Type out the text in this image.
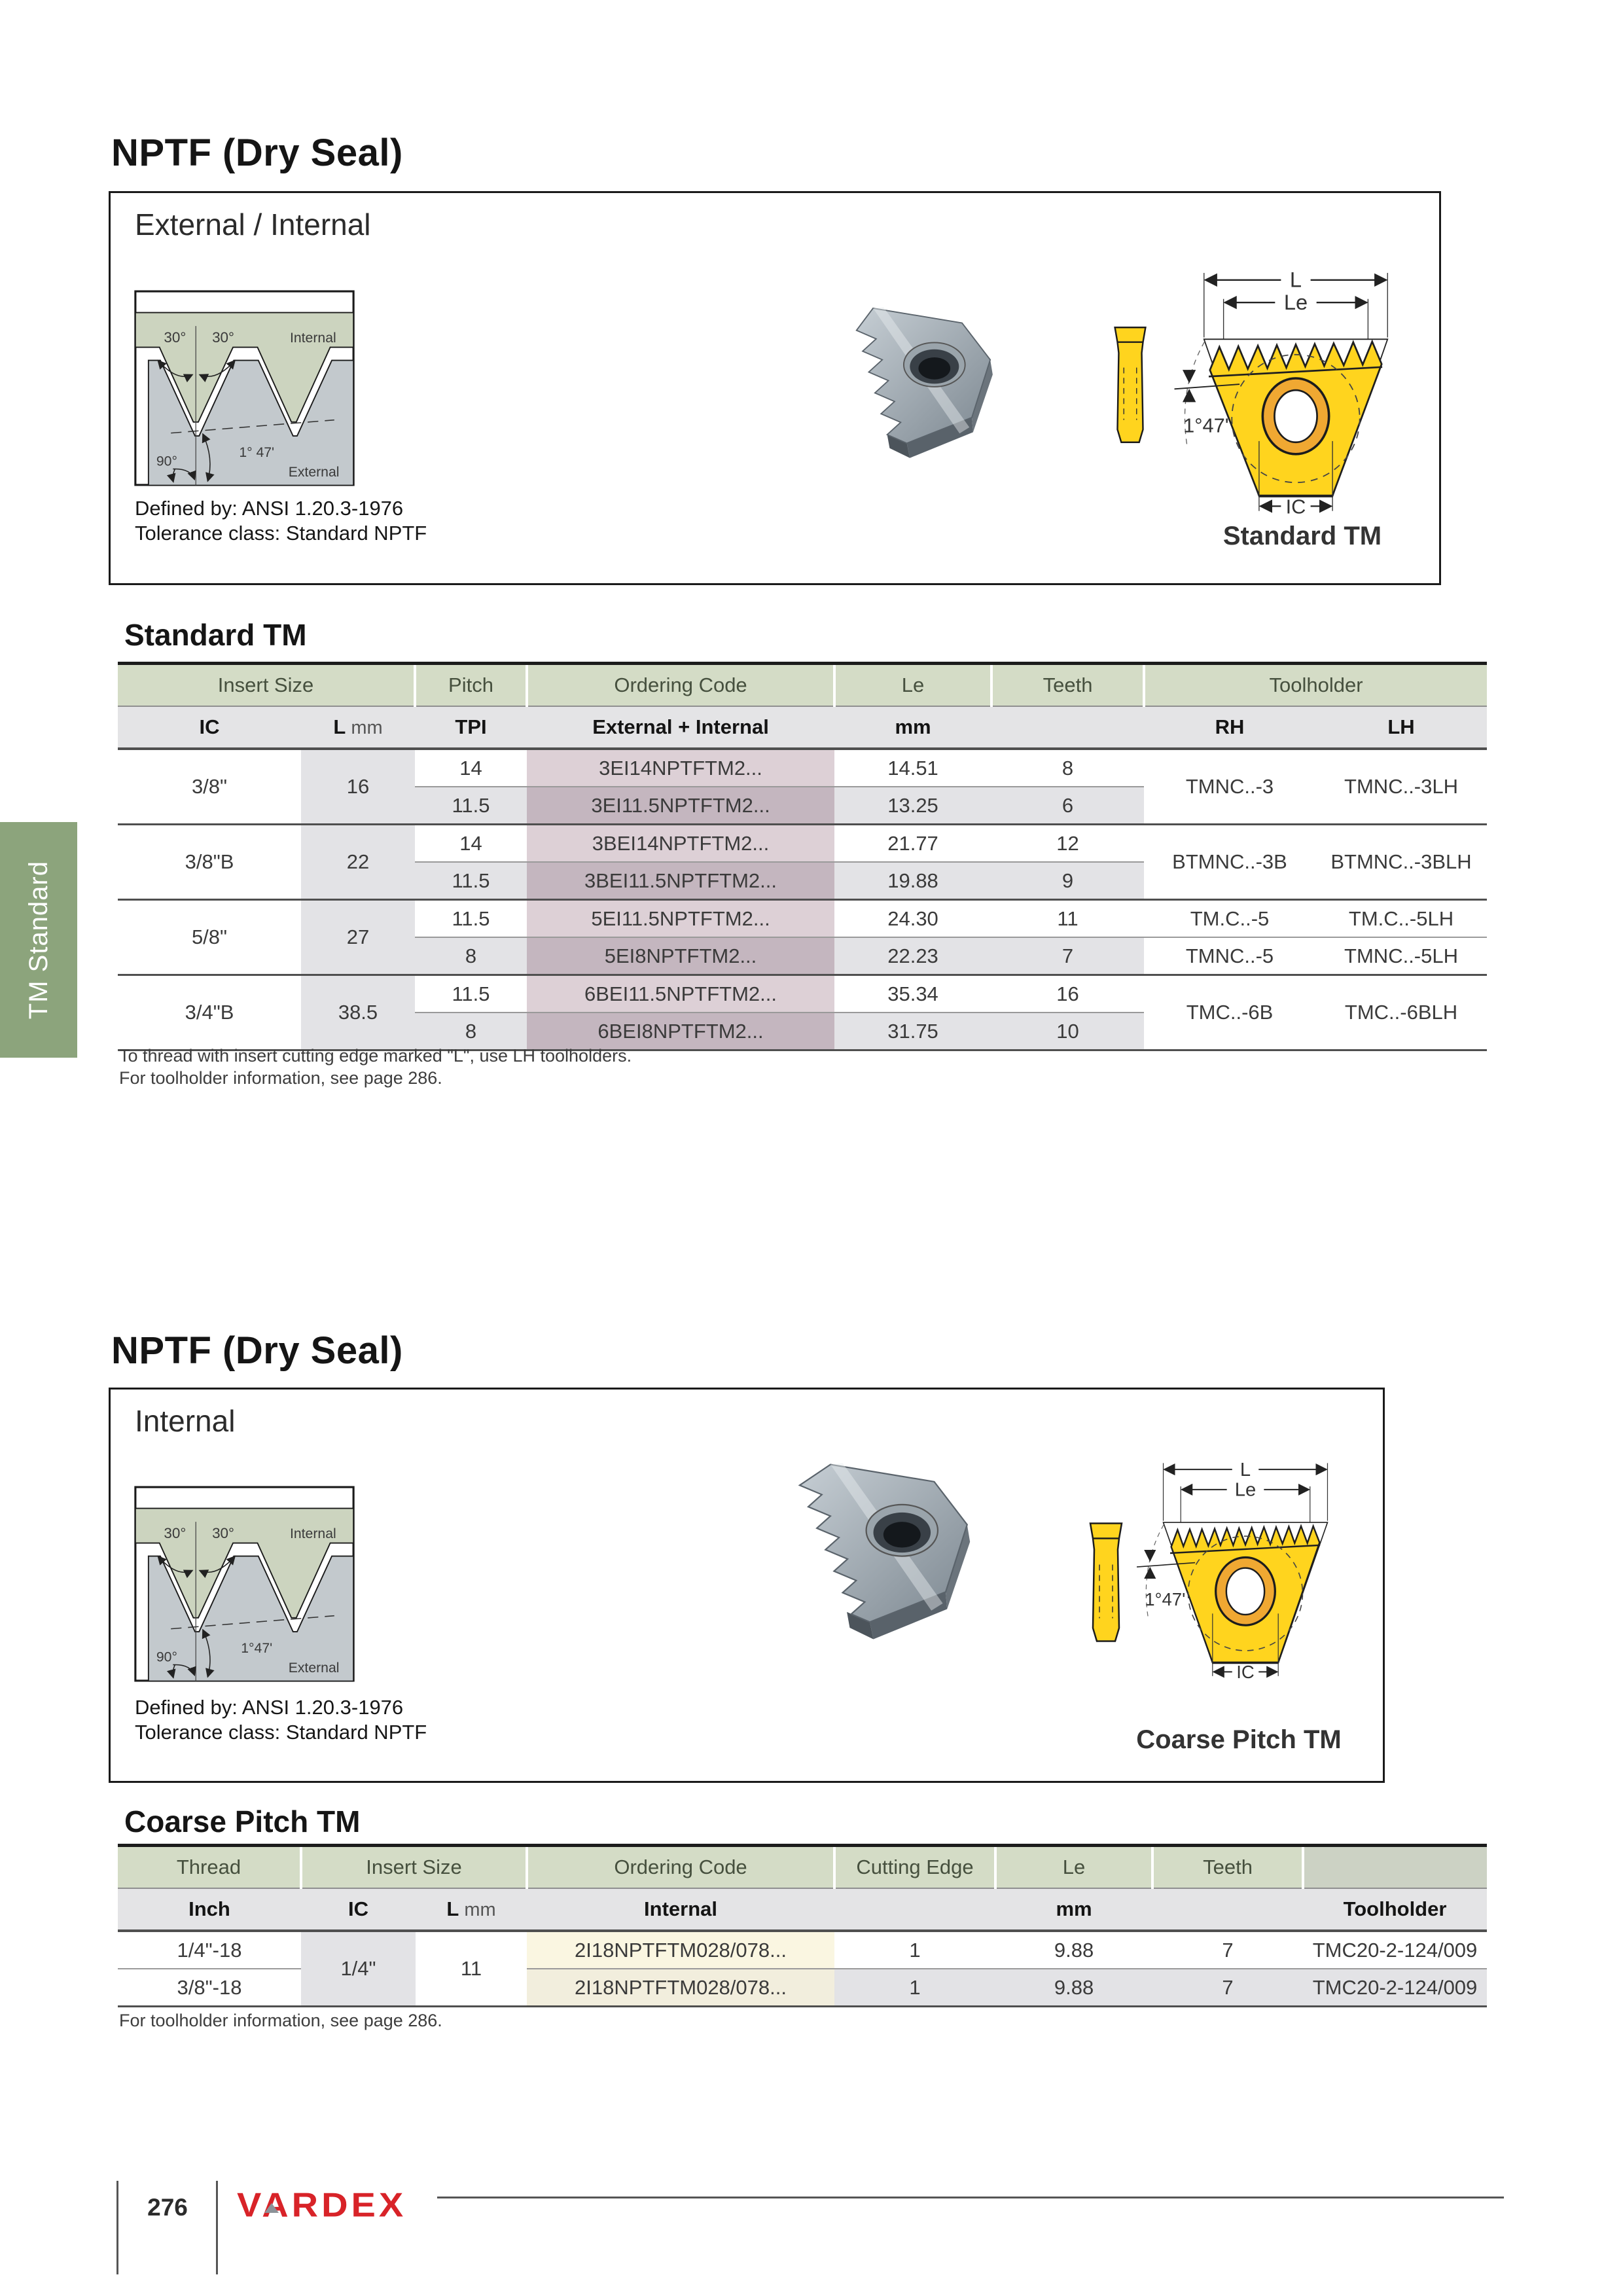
TM Standard
NPTF (Dry Seal)
External / Internal
30° 30° Internal
90°
1° 47'
External
Defined by: ANSI 1.20.3-1976
Tolerance class: Standard NPTF
L
Le
1°47'
IC
Standard TM
Standard TM
Insert Size		Pitch	Ordering Code	Le	Teeth	Toolholder	
IC	L mm	TPI	External + Internal	mm		RH	LH
3/8"	16	14	3EI14NPTFTM2...	14.51	8	TMNC..-3	TMNC..-3LH
		11.5	3EI11.5NPTFTM2...	13.25	6		
3/8"B	22	14	3BEI14NPTFTM2...	21.77	12	BTMNC..-3B	BTMNC..-3BLH
		11.5	3BEI11.5NPTFTM2...	19.88	9		
5/8"	27	11.5	5EI11.5NPTFTM2...	24.30	11	TM.C..-5	TM.C..-5LH
		8	5EI8NPTFTM2...	22.23	7	TMNC..-5	TMNC..-5LH
3/4"B	38.5	11.5	6BEI11.5NPTFTM2...	35.34	16	TMC..-6B	TMC..-6BLH
		8	6BEI8NPTFTM2...	31.75	10		
To thread with insert cutting edge marked "L", use LH toolholders.
For toolholder information, see page 286.
NPTF (Dry Seal)
Internal
30° 30° Internal
90°
1°47'
External
Defined by: ANSI 1.20.3-1976
Tolerance class: Standard NPTF
L
Le
1°47'
IC
Coarse Pitch TM
Coarse Pitch TM
Thread	Insert Size		Ordering Code	Cutting Edge	Le	Teeth	
Inch	IC	L mm	Internal		mm		Toolholder
1/4"-18	1/4"	11	2I18NPTFTM028/078...	1	9.88	7	TMC20-2-124/009
3/8"-18			2I18NPTFTM028/078...	1	9.88	7	TMC20-2-124/009
For toolholder information, see page 286.
276	VARDEX
